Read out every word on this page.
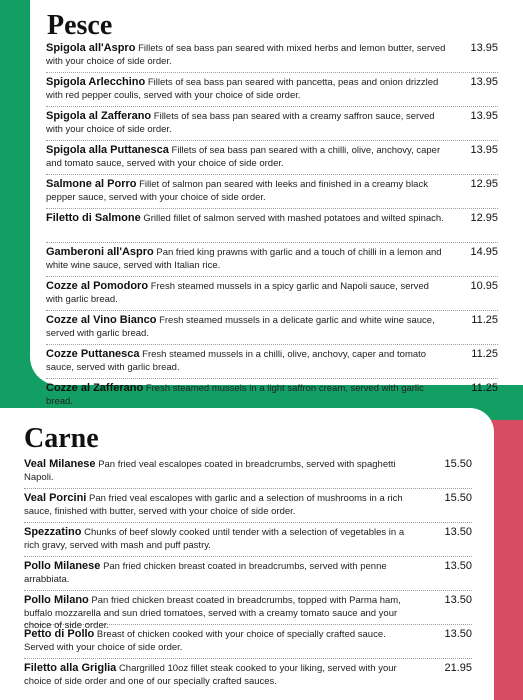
Pesce
Spigola all'Aspro Fillets of sea bass pan seared with mixed herbs and lemon butter, served with your choice of side order.
13.95
Spigola Arlecchino Fillets of sea bass pan seared with pancetta, peas and onion drizzled with red pepper coulis, served with your choice of side order.
13.95
Spigola al Zafferano Fillets of sea bass pan seared with a creamy saffron sauce, served with your choice of side order.
13.95
Spigola alla Puttanesca Fillets of sea bass pan seared with a chilli, olive, anchovy, caper and tomato sauce, served with your choice of side order.
13.95
Salmone al Porro Fillet of salmon pan seared with leeks and finished in a creamy black pepper sauce, served with your choice of side order.
12.95
Filetto di Salmone Grilled fillet of salmon served with mashed potatoes and wilted spinach. 12.95
Gamberoni all'Aspro Pan fried king prawns with garlic and a touch of chilli in a lemon and white wine sauce, served with Italian rice.
14.95
Cozze al Pomodoro Fresh steamed mussels in a spicy garlic and Napoli sauce, served with garlic bread.
10.95
Cozze al Vino Bianco Fresh steamed mussels in a delicate garlic and white wine sauce, served with garlic bread.
11.25
Cozze Puttanesca Fresh steamed mussels in a chilli, olive, anchovy, caper and tomato sauce, served with garlic bread.
11.25
Cozze al Zafferano Fresh steamed mussels in a light saffron cream, served with garlic bread.
11.25
Carne
Veal Milanese Pan fried veal escalopes coated in breadcrumbs, served with spaghetti Napoli.
15.50
Veal Porcini Pan fried veal escalopes with garlic and a selection of mushrooms in a rich sauce, finished with butter, served with your choice of side order.
15.50
Spezzatino Chunks of beef slowly cooked until tender with a selection of vegetables in a rich gravy, served with mash and puff pastry.
13.50
Pollo Milanese Pan fried chicken breast coated in breadcrumbs, served with penne arrabbiata.
13.50
Pollo Milano Pan fried chicken breast coated in breadcrumbs, topped with Parma ham, buffalo mozzarella and sun dried tomatoes, served with a creamy tomato sauce and your choice of side order.
13.50
Petto di Pollo Breast of chicken cooked with your choice of specially crafted sauce. Served with your choice of side order.
13.50
Filetto alla Griglia Chargrilled 10oz fillet steak cooked to your liking, served with your choice of side order and one of our specially crafted sauces.
21.95
